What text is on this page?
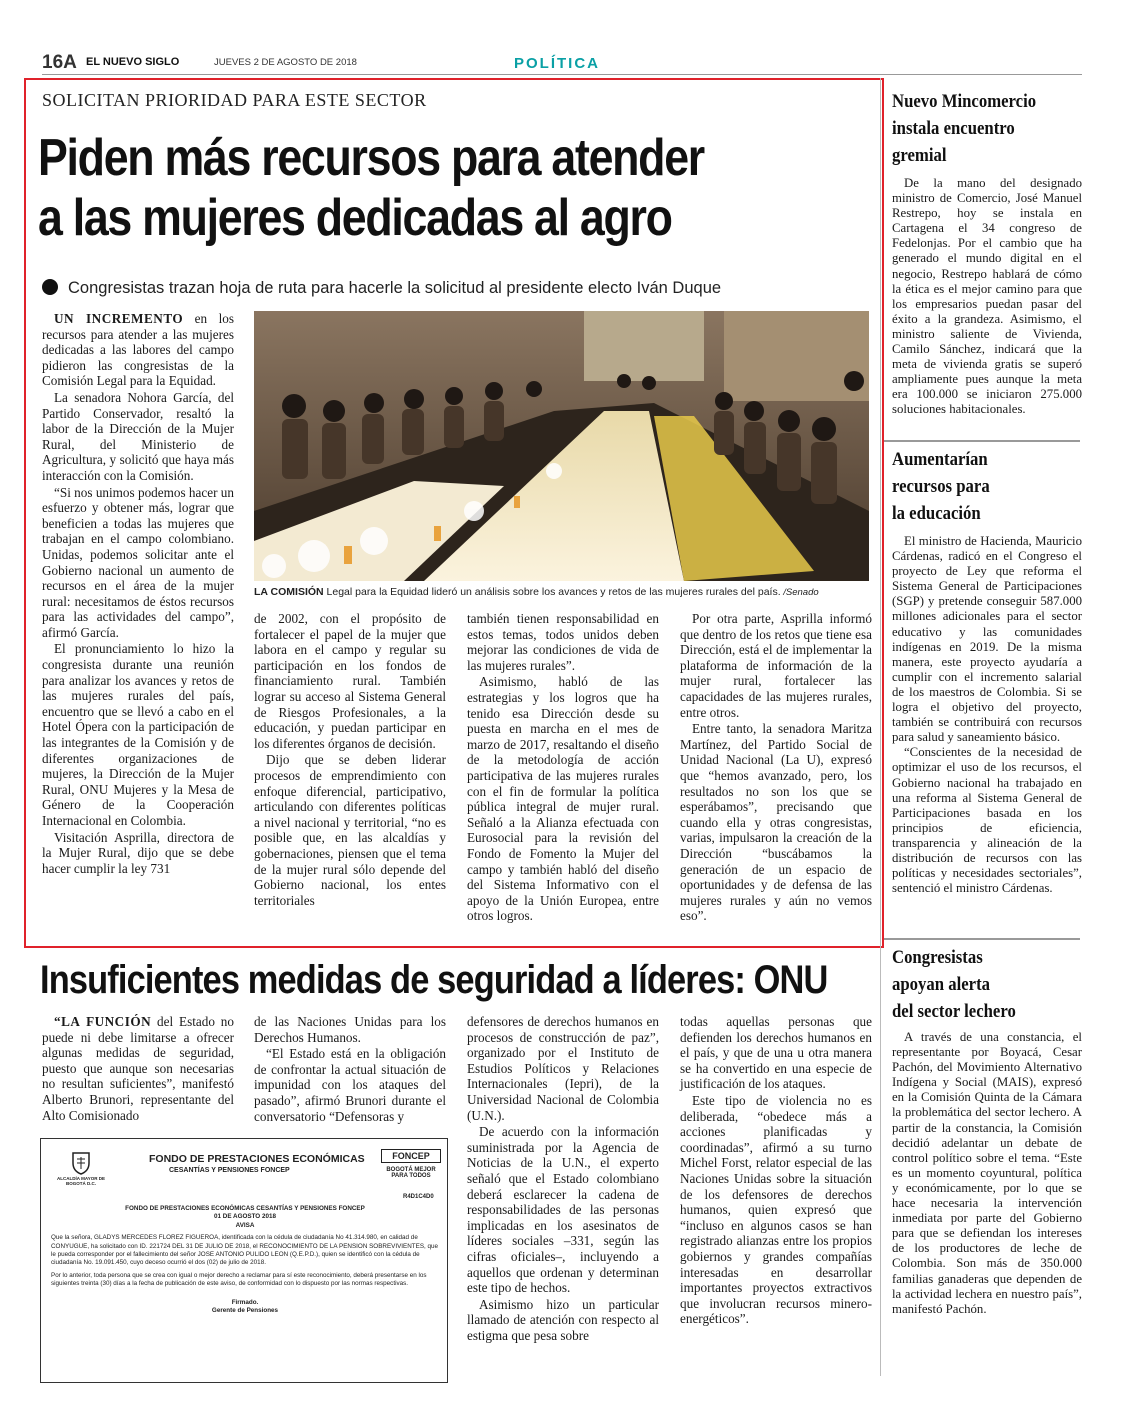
16A EL NUEVO SIGLO	JUEVES 2 DE AGOSTO DE 2018	POLÍTICA
SOLICITAN PRIORIDAD PARA ESTE SECTOR
Piden más recursos para atender
a las mujeres dedicadas al agro
Congresistas trazan hoja de ruta para hacerle la solicitud al presidente electo Iván Duque

UN INCREMENTO en los recursos para atender a las mujeres dedicadas a las labores del campo pidieron las congresistas de la Comisión Legal para la Equidad.

La senadora Nohora García, del Partido Conservador, resaltó la labor de la Dirección de la Mujer Rural, del Ministerio de Agricultura, y solicitó que haya más interacción con la Comisión.

“Si nos unimos podemos hacer un esfuerzo y obtener más, lograr que beneficien a todas las mujeres que trabajan en el campo colombiano. Unidas, podemos solicitar ante el Gobierno nacional un aumento de recursos en el área de la mujer rural: necesitamos de éstos recursos para las actividades del campo”, afirmó García.

El pronunciamiento lo hizo la congresista durante una reunión para analizar los avances y retos de las mujeres rurales del país, encuentro que se llevó a cabo en el Hotel Ópera con la participación de las integrantes de la Comisión y de diferentes organizaciones de mujeres, la Dirección de la Mujer Rural, ONU Mujeres y la Mesa de Género de la Cooperación Internacional en Colombia.

Visitación Asprilla, directora de la Mujer Rural, dijo que se debe hacer cumplir la ley 731

LA COMISIÓN Legal para la Equidad lideró un análisis sobre los avances y retos de las mujeres rurales del país. /Senado

de 2002, con el propósito de fortalecer el papel de la mujer que labora en el campo y regular su participación en los fondos de financiamiento rural. También lograr su acceso al Sistema General de Riesgos Profesionales, a la educación, y puedan participar en los diferentes órganos de decisión.

Dijo que se deben liderar procesos de emprendimiento con enfoque diferencial, participativo, articulando con diferentes políticas a nivel nacional y territorial, “no es posible que, en las alcaldías y gobernaciones, piensen que el tema de la mujer rural sólo depende del Gobierno nacional, los entes territoriales

también tienen responsabilidad en estos temas, todos unidos deben mejorar las condiciones de vida de las mujeres rurales”.

Asimismo, habló de las estrategias y los logros que ha tenido esa Dirección desde su puesta en marcha en el mes de marzo de 2017, resaltando el diseño de la metodología de acción participativa de las mujeres rurales con el fin de formular la política pública integral de mujer rural. Señaló a la Alianza efectuada con Eurosocial para la revisión del Fondo de Fomento la Mujer del campo y también habló del diseño del Sistema Informativo con el apoyo de la Unión Europea, entre otros logros.

Por otra parte, Asprilla informó que dentro de los retos que tiene esa Dirección, está el de implementar la plataforma de información de la mujer rural, fortalecer las capacidades de las mujeres rurales, entre otros.

Entre tanto, la senadora Maritza Martínez, del Partido Social de Unidad Nacional (La U), expresó que “hemos avanzado, pero, los resultados no son los que se esperábamos”, precisando que cuando ella y otras congresistas, varias, impulsaron la creación de la Dirección “buscábamos la generación de un espacio de oportunidades y de defensa de las mujeres rurales y aún no vemos eso”.

Insuficientes medidas de seguridad a líderes: ONU

“LA FUNCIÓN del Estado no puede ni debe limitarse a ofrecer algunas medidas de seguridad, puesto que aunque son necesarias no resultan suficientes”, manifestó Alberto Brunori, representante del Alto Comisionado

de las Naciones Unidas para los Derechos Humanos.

“El Estado está en la obligación de confrontar la actual situación de impunidad con los ataques del pasado”, afirmó Brunori durante el conversatorio “Defensoras y

defensores de derechos humanos en procesos de construcción de paz”, organizado por el Instituto de Estudios Políticos y Relaciones Internacionales (Iepri), de la Universidad Nacional de Colombia (U.N.).

De acuerdo con la información suministrada por la Agencia de Noticias de la U.N., el experto señaló que el Estado colombiano deberá esclarecer la cadena de responsabilidades de las personas implicadas en los asesinatos de líderes sociales –331, según las cifras oficiales–, incluyendo a aquellos que ordenan y determinan este tipo de hechos.

Asimismo hizo un particular llamado de atención con respecto al estigma que pesa sobre

todas aquellas personas que defienden los derechos humanos en el país, y que de una u otra manera se ha convertido en una especie de justificación de los ataques.

Este tipo de violencia no es deliberada, “obedece más a acciones planificadas y coordinadas”, afirmó a su turno Michel Forst, relator especial de las Naciones Unidas sobre la situación de los defensores de derechos humanos, quien expresó que “incluso en algunos casos se han registrado alianzas entre los propios gobiernos y grandes compañías interesadas en desarrollar importantes proyectos extractivos que involucran recursos minero-energéticos”.

ALCALDÍA MAYOR DE BOGOTÁ D.C.
FONDO DE PRESTACIONES ECONÓMICAS
CESANTÍAS Y PENSIONES FONCEP
FONCEP
BOGOTÁ MEJOR PARA TODOS
R4D1C4D0
FONDO DE PRESTACIONES ECONÓMICAS CESANTÍAS Y PENSIONES FONCEP
01 DE AGOSTO 2018
AVISA
Que la señora, GLADYS MERCEDES FLOREZ FIGUEROA, identificada con la cédula de ciudadanía No 41.314.980, en calidad de CONYUGUE, ha solicitado con ID. 221724 DEL 31 DE JULIO DE 2018, el RECONOCIMIENTO DE LA PENSION SOBREVIVIENTES, que le pueda corresponder por el fallecimiento del señor JOSE ANTONIO PULIDO LEON (Q.E.P.D.), quien se identificó con la cédula de ciudadanía No. 19.091.450, cuyo deceso ocurrió el dos (02) de julio de 2018.
Por lo anterior, toda persona que se crea con igual o mejor derecho a reclamar para sí este reconocimiento, deberá presentarse en los siguientes treinta (30) días a la fecha de publicación de este aviso, de conformidad con lo dispuesto por las normas respectivas.
Firmado.
Gerente de Pensiones
Nuevo Mincomercio
instala encuentro
gremial

De la mano del designado ministro de Comercio, José Manuel Restrepo, hoy se instala en Cartagena el 34 congreso de Fedelonjas. Por el cambio que ha generado el mundo digital en el negocio, Restrepo hablará de cómo la ética es el mejor camino para que los empresarios puedan pasar del éxito a la grandeza. Asimismo, el ministro saliente de Vivienda, Camilo Sánchez, indicará que la meta de vivienda gratis se superó ampliamente pues aunque la meta era 100.000 se iniciaron 275.000 soluciones habitacionales.

Aumentarían
recursos para
la educación

El ministro de Hacienda, Mauricio Cárdenas, radicó en el Congreso el proyecto de Ley que reforma el Sistema General de Participaciones (SGP) y pretende conseguir 587.000 millones adicionales para el sector educativo y las comunidades indígenas en 2019. De la misma manera, este proyecto ayudaría a cumplir con el incremento salarial de los maestros de Colombia. Si se logra el objetivo del proyecto, también se contribuirá con recursos para salud y saneamiento básico.

“Conscientes de la necesidad de optimizar el uso de los recursos, el Gobierno nacional ha trabajado en una reforma al Sistema General de Participaciones basada en los principios de eficiencia, transparencia y alineación de la distribución de recursos con las políticas y necesidades sectoriales”, sentenció el ministro Cárdenas.

Congresistas
apoyan alerta
del sector lechero

A través de una constancia, el representante por Boyacá, Cesar Pachón, del Movimiento Alternativo Indígena y Social (MAIS), expresó en la Comisión Quinta de la Cámara la problemática del sector lechero. A partir de la constancia, la Comisión decidió adelantar un debate de control político sobre el tema. “Este es un momento coyuntural, política y económicamente, por lo que se hace necesaria la intervención inmediata por parte del Gobierno para que se defiendan los intereses de los productores de leche de Colombia. Son más de 350.000 familias ganaderas que dependen de la actividad lechera en nuestro país”, manifestó Pachón.
